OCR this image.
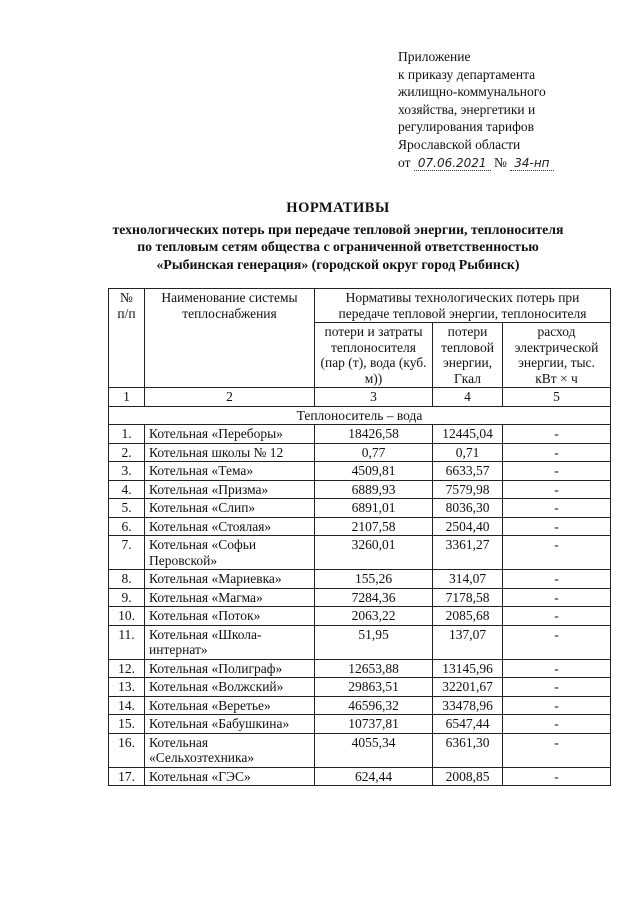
Приложение
к приказу департамента
жилищно-коммунального
хозяйства, энергетики и
регулирования тарифов
Ярославской области
от 07.06.2021 № 34-нп
НОРМАТИВЫ
технологических потерь при передаче тепловой энергии, теплоносителя
по тепловым сетям общества с ограниченной ответственностью
«Рыбинская генерация» (городской округ город Рыбинск)
№ п/п	Наименование системы теплоснабжения	Нормативы технологических потерь при передаче тепловой энергии, теплоносителя		
		потери и затраты теплоносителя (пар (т), вода (куб. м))	потери тепловой энергии, Гкал	расход электрической энергии, тыс. кВт × ч
1	2	3	4	5
Теплоноситель – вода				
1.	Котельная «Переборы»	18426,58	12445,04	-
2.	Котельная школы № 12	0,77	0,71	-
3.	Котельная «Тема»	4509,81	6633,57	-
4.	Котельная «Призма»	6889,93	7579,98	-
5.	Котельная «Слип»	6891,01	8036,30	-
6.	Котельная «Стоялая»	2107,58	2504,40	-
7.	Котельная «Софьи Перовской»	3260,01	3361,27	-
8.	Котельная «Мариевка»	155,26	314,07	-
9.	Котельная «Магма»	7284,36	7178,58	-
10.	Котельная «Поток»	2063,22	2085,68	-
11.	Котельная «Школа-интернат»	51,95	137,07	-
12.	Котельная «Полиграф»	12653,88	13145,96	-
13.	Котельная «Волжский»	29863,51	32201,67	-
14.	Котельная «Веретье»	46596,32	33478,96	-
15.	Котельная «Бабушкина»	10737,81	6547,44	-
16.	Котельная «Сельхозтехника»	4055,34	6361,30	-
17.	Котельная «ГЭС»	624,44	2008,85	-
